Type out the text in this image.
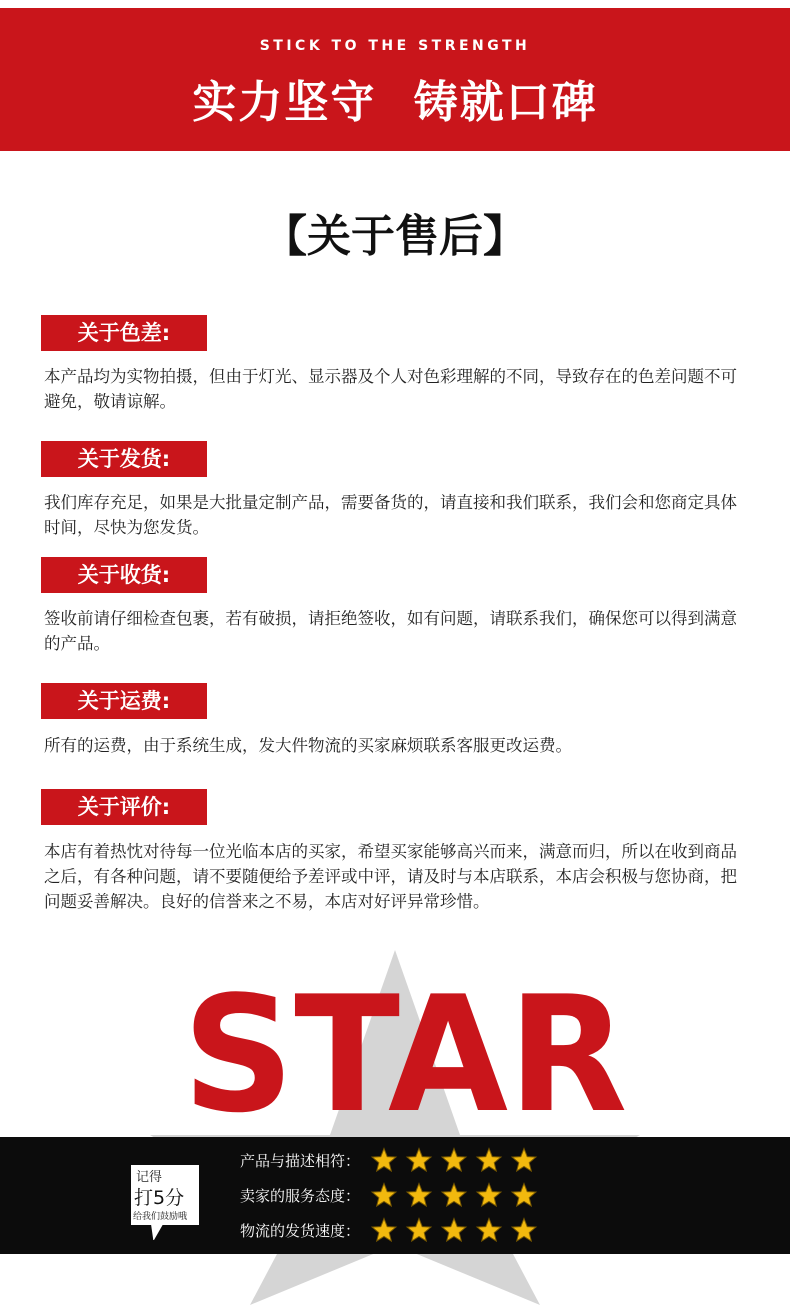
STICK TO THE STRENGTH
实力坚守 铸就口碑
【关于售后】
关于色差:
本产品均为实物拍摄，但由于灯光、显示器及个人对色彩理解的不同，导致存在的色差问题不可避免，敬请谅解。
关于发货:
我们库存充足，如果是大批量定制产品，需要备货的，请直接和我们联系，我们会和您商定具体时间，尽快为您发货。
关于收货:
签收前请仔细检查包裹，若有破损，请拒绝签收，如有问题，请联系我们，确保您可以得到满意的产品。
关于运费:
所有的运费，由于系统生成，发大件物流的买家麻烦联系客服更改运费。
关于评价:
本店有着热忱对待每一位光临本店的买家，希望买家能够高兴而来，满意而归，所以在收到商品之后，有各种问题，请不要随便给予差评或中评，请及时与本店联系，本店会积极与您协商，把问题妥善解决。良好的信誉来之不易，本店对好评异常珍惜。
STAR
记得
打5分
给我们鼓励哦
产品与描述相符：
卖家的服务态度：
物流的发货速度：
